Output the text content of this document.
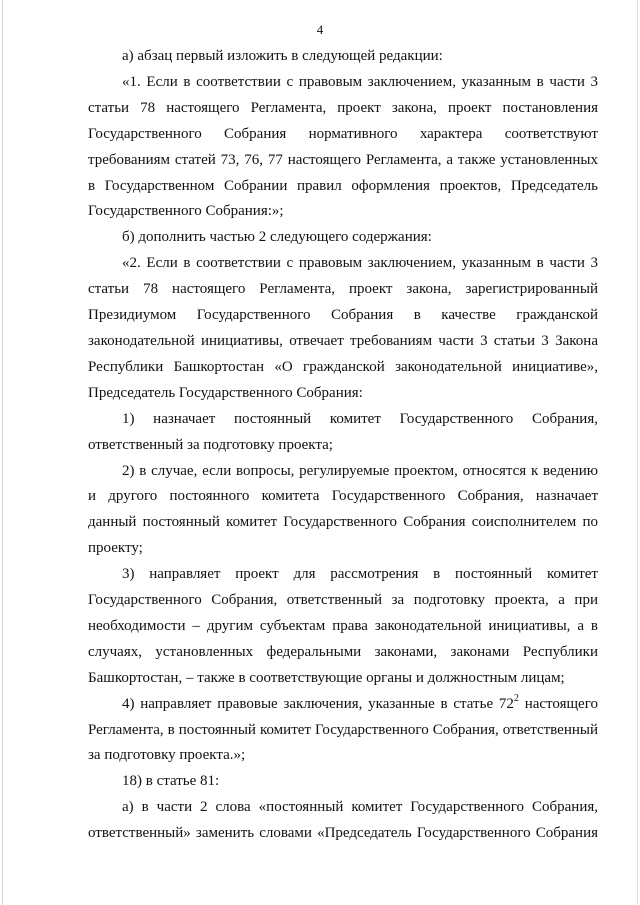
4

а) абзац первый изложить в следующей редакции:

«1. Если в соответствии с правовым заключением, указанным в части 3 статьи 78 настоящего Регламента, проект закона, проект постановления Государственного Собрания нормативного характера соответствуют требованиям статей 73, 76, 77 настоящего Регламента, а также установленных в Государственном Собрании правил оформления проектов, Председатель Государственного Собрания:»;

б) дополнить частью 2 следующего содержания:

«2. Если в соответствии с правовым заключением, указанным в части 3 статьи 78 настоящего Регламента, проект закона, зарегистрированный Президиумом Государственного Собрания в качестве гражданской законодательной инициативы, отвечает требованиям части 3 статьи 3 Закона Республики Башкортостан «О гражданской законодательной инициативе», Председатель Государственного Собрания:

1) назначает постоянный комитет Государственного Собрания, ответственный за подготовку проекта;

2) в случае, если вопросы, регулируемые проектом, относятся к ведению и другого постоянного комитета Государственного Собрания, назначает данный постоянный комитет Государственного Собрания соисполнителем по проекту;

3) направляет проект для рассмотрения в постоянный комитет Государственного Собрания, ответственный за подготовку проекта, а при необходимости – другим субъектам права законодательной инициативы, а в случаях, установленных федеральными законами, законами Республики Башкортостан, – также в соответствующие органы и должностным лицам;

4) направляет правовые заключения, указанные в статье $72^2$ настоящего Регламента, в постоянный комитет Государственного Собрания, ответственный за подготовку проекта.»;

18) в статье 81:

а) в части 2 слова «постоянный комитет Государственного Собрания, ответственный» заменить словами «Председатель Государственного Собрания
